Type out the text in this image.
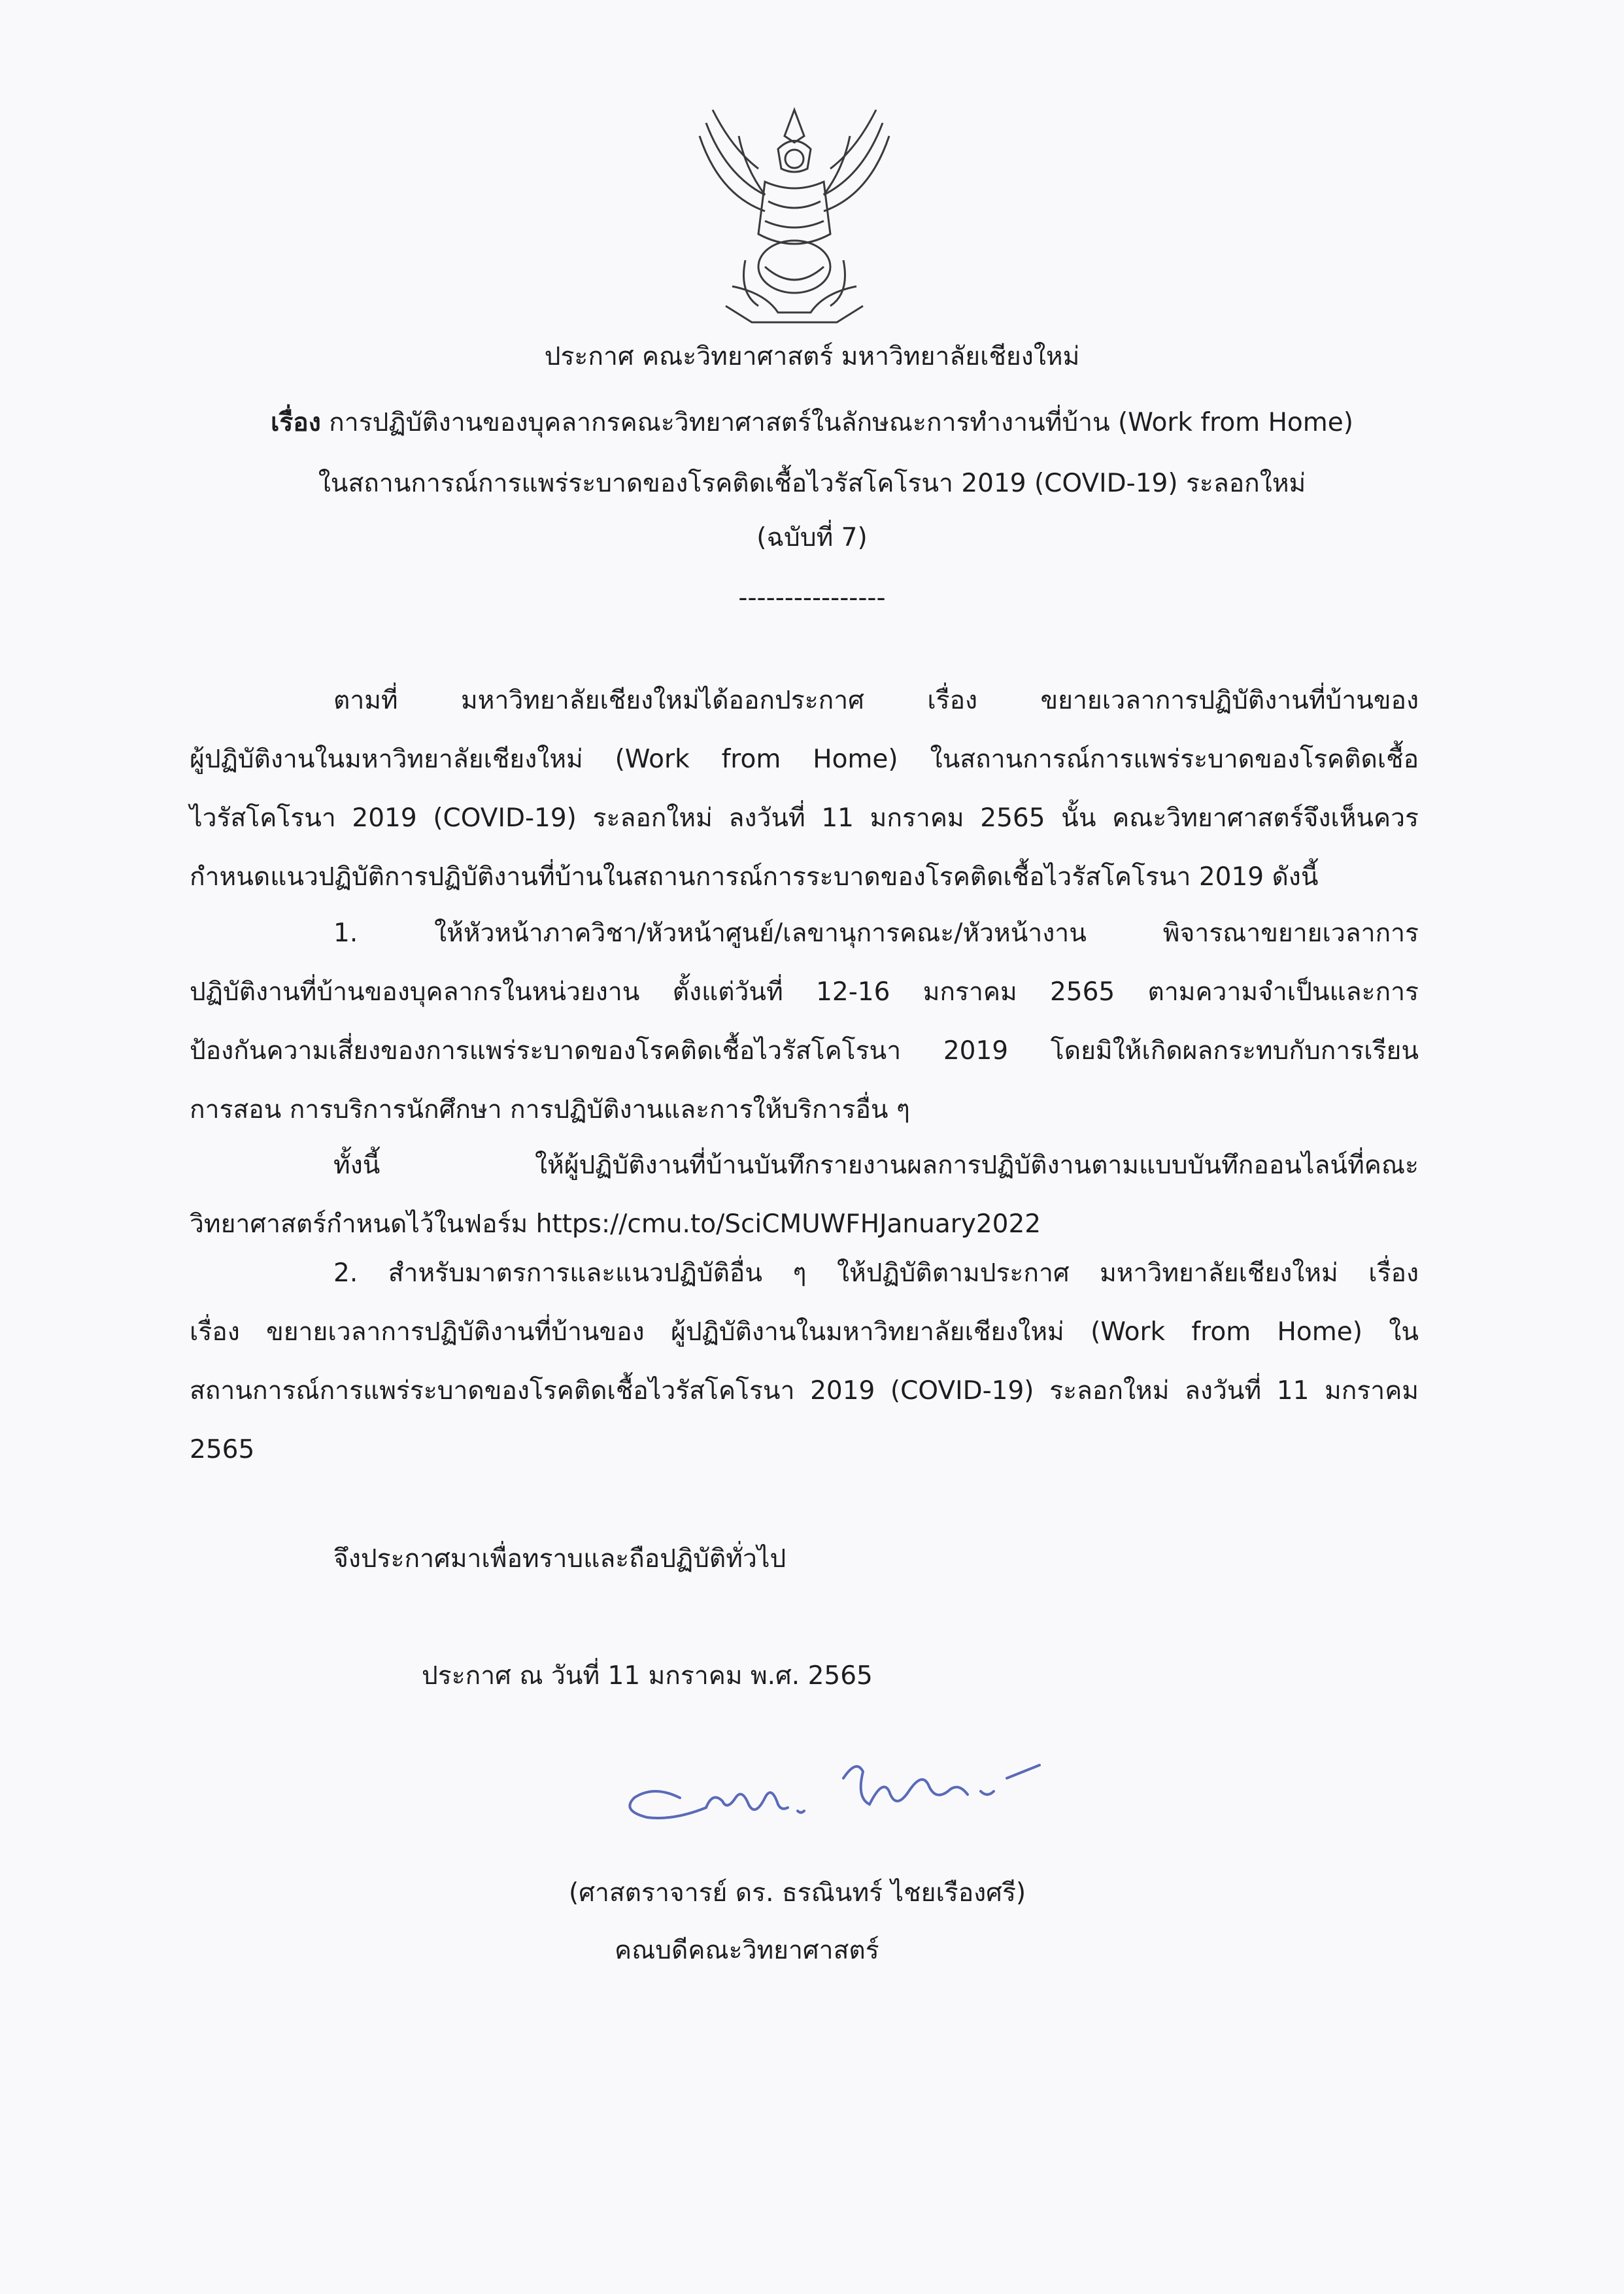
ประกาศ คณะวิทยาศาสตร์ มหาวิทยาลัยเชียงใหม่
เรื่อง การปฏิบัติงานของบุคลากรคณะวิทยาศาสตร์ในลักษณะการทำงานที่บ้าน (Work from Home)
ในสถานการณ์การแพร่ระบาดของโรคติดเชื้อไวรัสโคโรนา 2019 (COVID-19) ระลอกใหม่
(ฉบับที่ 7)
----------------
ตามที่ มหาวิทยาลัยเชียงใหม่ได้ออกประกาศ เรื่อง ขยายเวลาการปฏิบัติงานที่บ้านของ
ผู้ปฏิบัติงานในมหาวิทยาลัยเชียงใหม่ (Work from Home) ในสถานการณ์การแพร่ระบาดของโรคติดเชื้อ
ไวรัสโคโรนา 2019 (COVID-19) ระลอกใหม่ ลงวันที่ 11 มกราคม 2565 นั้น คณะวิทยาศาสตร์จึงเห็นควร
กำหนดแนวปฏิบัติการปฏิบัติงานที่บ้านในสถานการณ์การระบาดของโรคติดเชื้อไวรัสโคโรนา 2019 ดังนี้
1. ให้หัวหน้าภาควิชา/หัวหน้าศูนย์/เลขานุการคณะ/หัวหน้างาน พิจารณาขยายเวลาการ
ปฏิบัติงานที่บ้านของบุคลากรในหน่วยงาน ตั้งแต่วันที่ 12-16 มกราคม 2565 ตามความจำเป็นและการ
ป้องกันความเสี่ยงของการแพร่ระบาดของโรคติดเชื้อไวรัสโคโรนา 2019 โดยมิให้เกิดผลกระทบกับการเรียน
การสอน การบริการนักศึกษา การปฏิบัติงานและการให้บริการอื่น ๆ
ทั้งนี้ ให้ผู้ปฏิบัติงานที่บ้านบันทึกรายงานผลการปฏิบัติงานตามแบบบันทึกออนไลน์ที่คณะ
วิทยาศาสตร์กำหนดไว้ในฟอร์ม https://cmu.to/SciCMUWFHJanuary2022
2. สำหรับมาตรการและแนวปฏิบัติอื่น ๆ ให้ปฏิบัติตามประกาศ มหาวิทยาลัยเชียงใหม่ เรื่อง
เรื่อง ขยายเวลาการปฏิบัติงานที่บ้านของ ผู้ปฏิบัติงานในมหาวิทยาลัยเชียงใหม่ (Work from Home) ใน
สถานการณ์การแพร่ระบาดของโรคติดเชื้อไวรัสโคโรนา 2019 (COVID-19) ระลอกใหม่ ลงวันที่ 11 มกราคม
2565
จึงประกาศมาเพื่อทราบและถือปฏิบัติทั่วไป
ประกาศ ณ วันที่ 11 มกราคม พ.ศ. 2565
(ศาสตราจารย์ ดร. ธรณินทร์ ไชยเรืองศรี)
คณบดีคณะวิทยาศาสตร์
